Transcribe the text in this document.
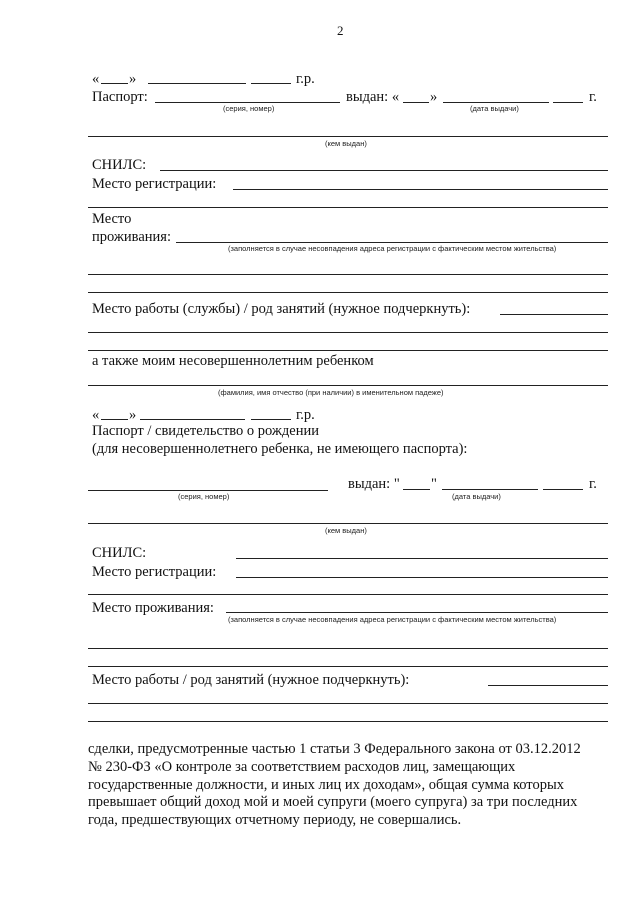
2
« »	г.р.
Паспорт:	выдан: « »	г.
(серия, номер)	(дата выдачи)
(кем выдан)
СНИЛС:
Место регистрации:
Место
проживания:
(заполняется в случае несовпадения адреса регистрации с фактическим местом жительства)
Место работы (службы) / род занятий (нужное подчеркнуть):
а также моим несовершеннолетним ребенком
(фамилия, имя отчество (при наличии) в именительном падеже)
« »	г.р.
Паспорт / свидетельство о рождении
(для несовершеннолетнего ребенка, не имеющего паспорта):
выдан: " "	г.
(серия, номер)	(дата выдачи)
(кем выдан)
СНИЛС:
Место регистрации:
Место проживания:
(заполняется в случае несовпадения адреса регистрации с фактическим местом жительства)
Место работы / род занятий (нужное подчеркнуть):
сделки, предусмотренные частью 1 статьи 3 Федерального закона от 03.12.2012
№ 230-ФЗ «О контроле за соответствием расходов лиц, замещающих
государственные должности, и иных лиц их доходам», общая сумма которых
превышает общий доход мой и моей супруги (моего супруга) за три последних
года, предшествующих отчетному периоду, не совершались.
